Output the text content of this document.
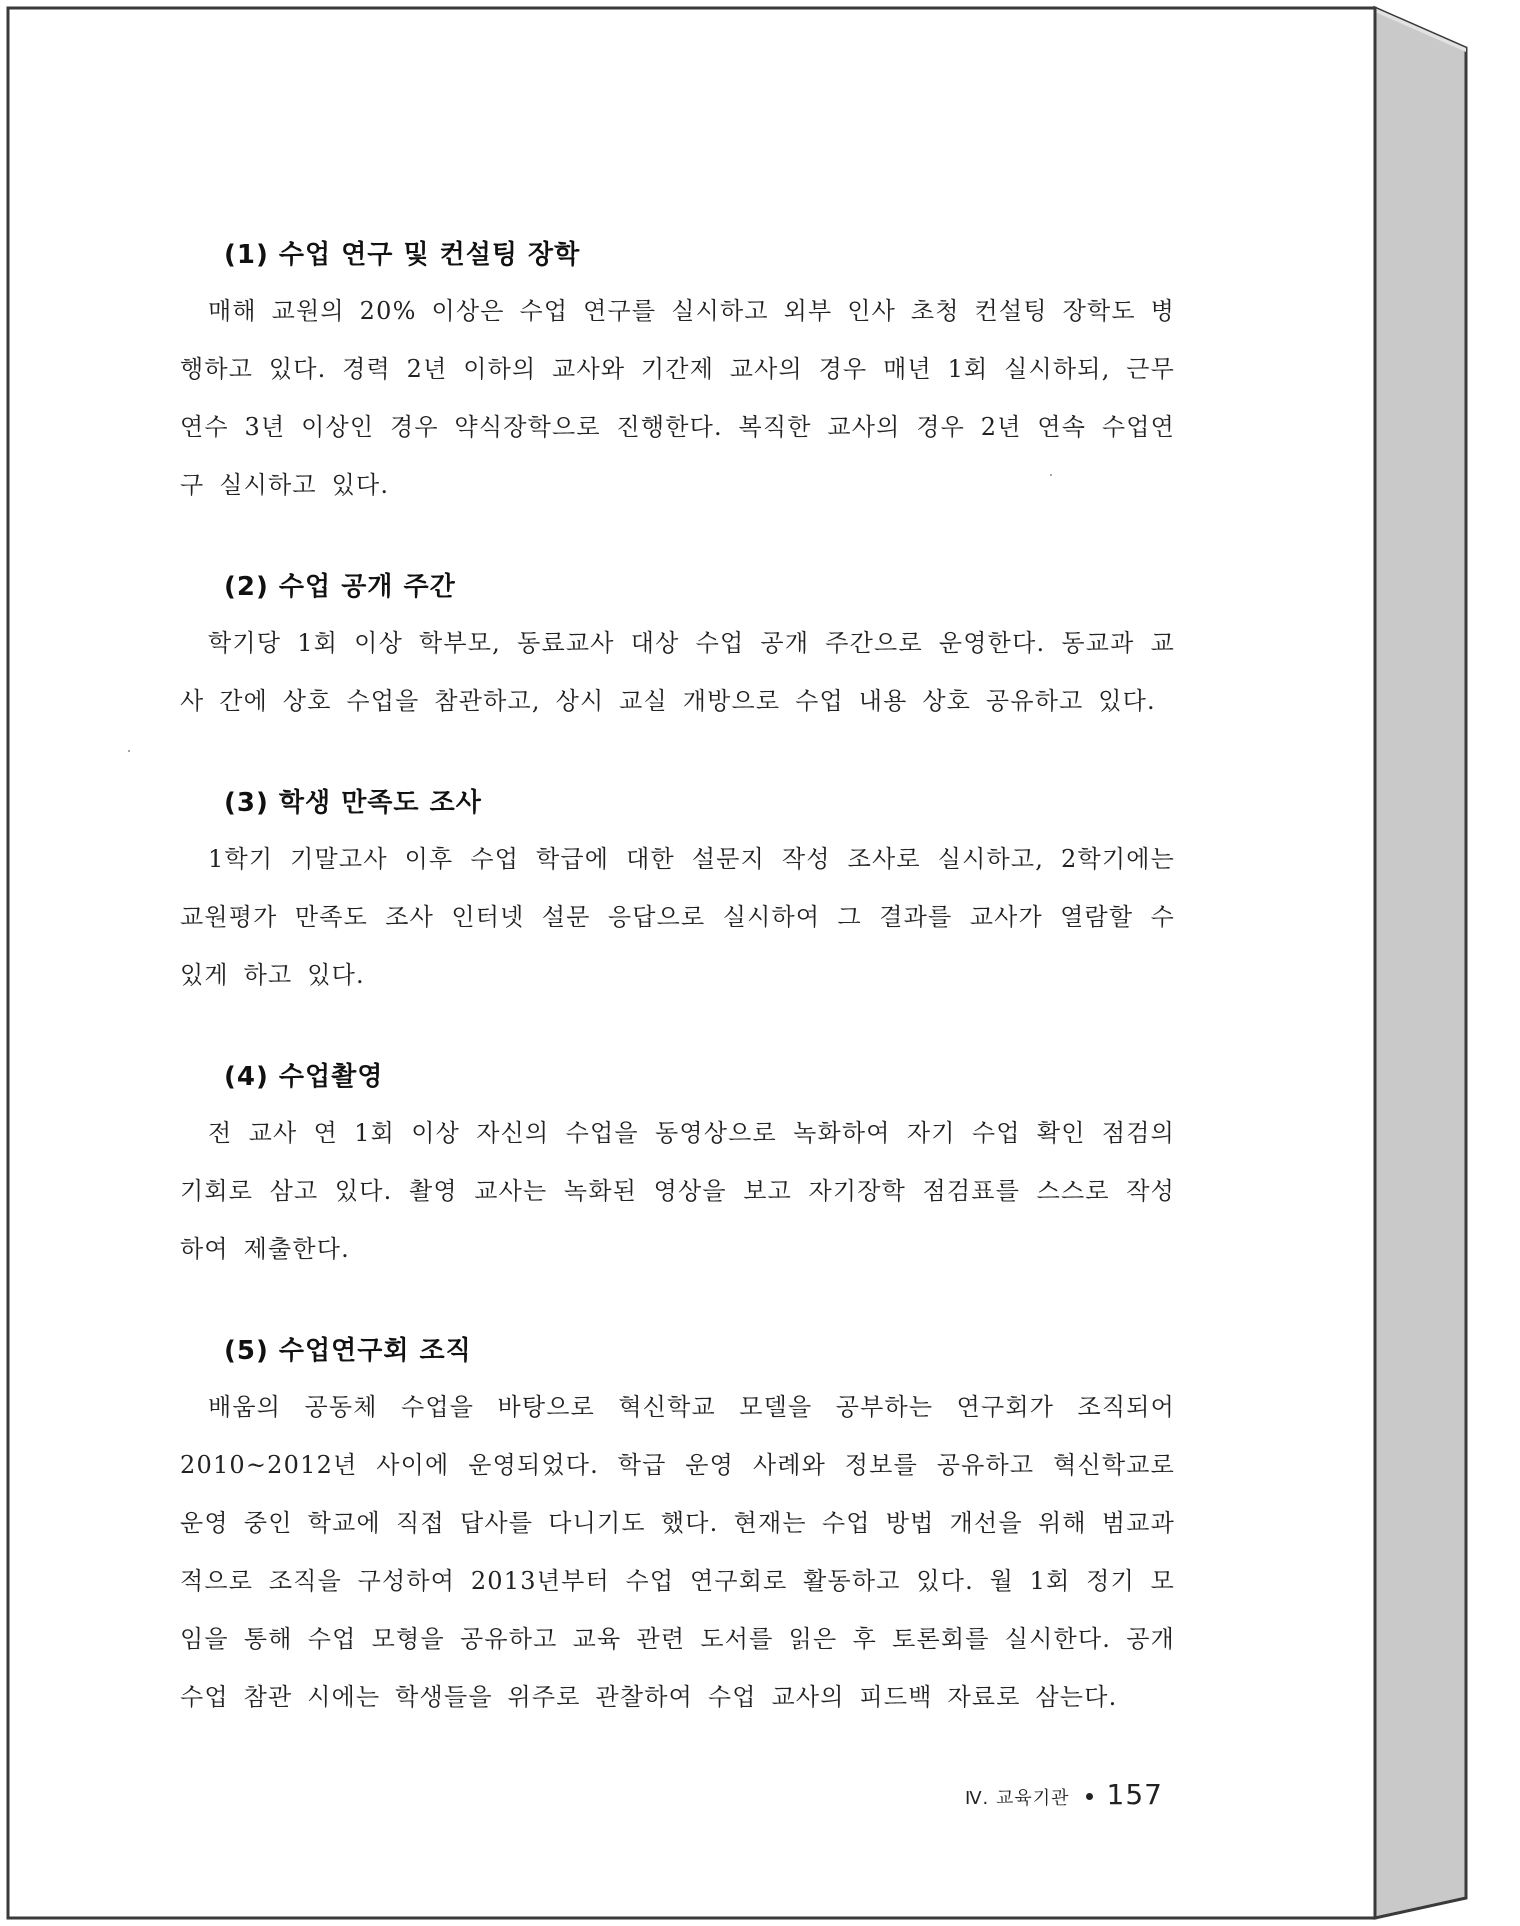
(1) 수업 연구 및 컨설팅 장학

매해 교원의 20% 이상은 수업 연구를 실시하고 외부 인사 초청 컨설팅 장학도 병행하고 있다. 경력 2년 이하의 교사와 기간제 교사의 경우 매년 1회 실시하되, 근무 연수 3년 이상인 경우 약식장학으로 진행한다. 복직한 교사의 경우 2년 연속 수업연구 실시하고 있다.

(2) 수업 공개 주간

학기당 1회 이상 학부모, 동료교사 대상 수업 공개 주간으로 운영한다. 동교과 교사 간에 상호 수업을 참관하고, 상시 교실 개방으로 수업 내용 상호 공유하고 있다.

(3) 학생 만족도 조사

1학기 기말고사 이후 수업 학급에 대한 설문지 작성 조사로 실시하고, 2학기에는 교원평가 만족도 조사 인터넷 설문 응답으로 실시하여 그 결과를 교사가 열람할 수 있게 하고 있다.

(4) 수업촬영

전 교사 연 1회 이상 자신의 수업을 동영상으로 녹화하여 자기 수업 확인 점검의 기회로 삼고 있다. 촬영 교사는 녹화된 영상을 보고 자기장학 점검표를 스스로 작성하여 제출한다.

(5) 수업연구회 조직

배움의 공동체 수업을 바탕으로 혁신학교 모델을 공부하는 연구회가 조직되어 2010~2012년 사이에 운영되었다. 학급 운영 사례와 정보를 공유하고 혁신학교로 운영 중인 학교에 직접 답사를 다니기도 했다. 현재는 수업 방법 개선을 위해 범교과적으로 조직을 구성하여 2013년부터 수업 연구회로 활동하고 있다. 월 1회 정기 모임을 통해 수업 모형을 공유하고 교육 관련 도서를 읽은 후 토론회를 실시한다. 공개수업 참관 시에는 학생들을 위주로 관찰하여 수업 교사의 피드백 자료로 삼는다.

Ⅳ. 교육기관 157
